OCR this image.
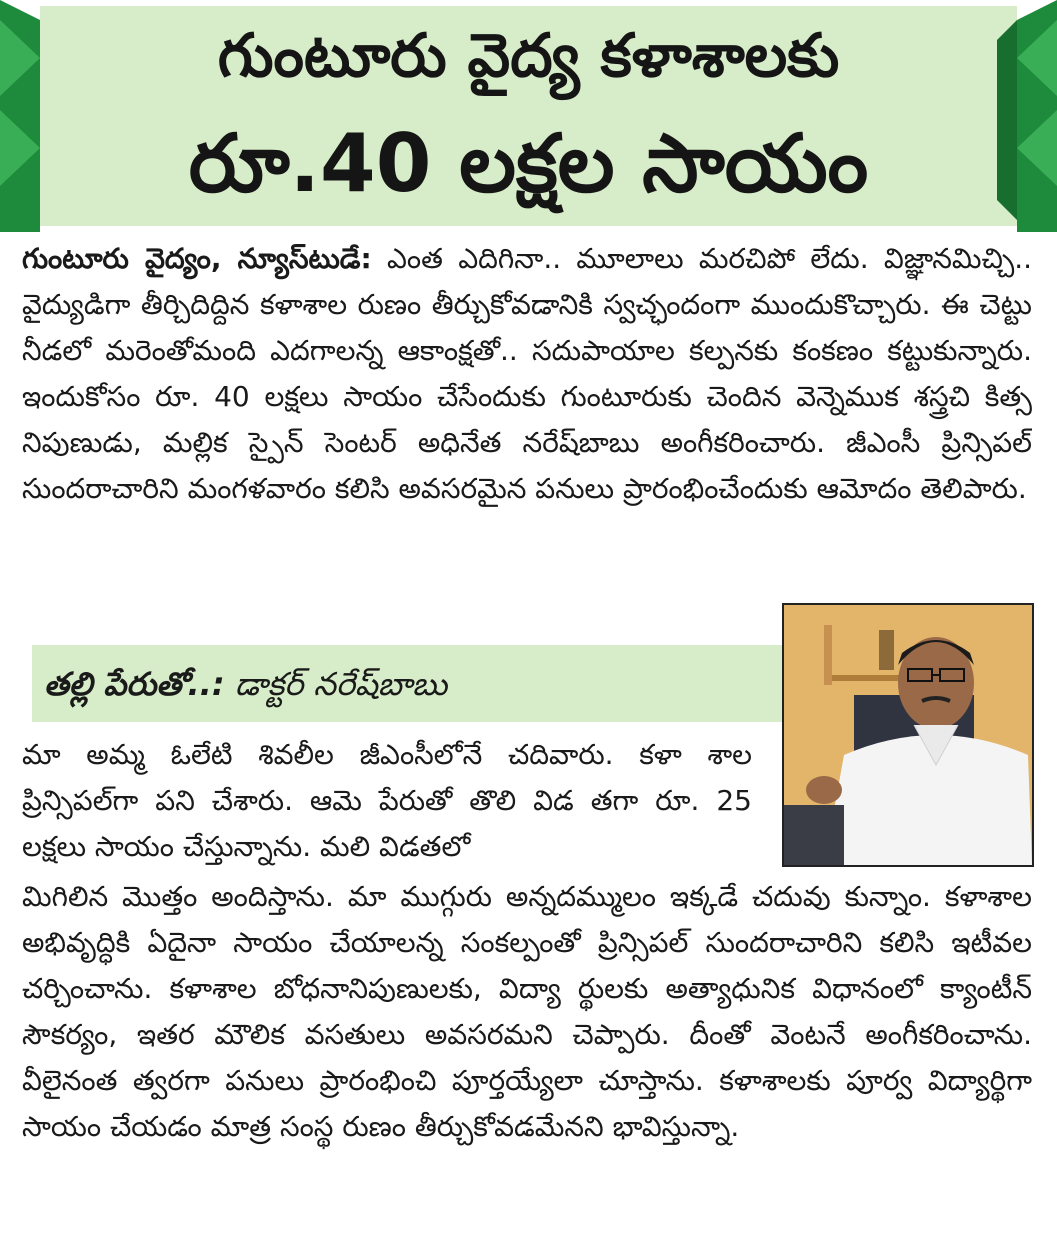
గుంటూరు వైద్య కళాశాలకు
రూ.40 లక్షల సాయం

గుంటూరు వైద్యం, న్యూస్‌టుడే: ఎంత ఎదిగినా.. మూలాలు మరచిపో లేదు. విజ్ఞానమిచ్చి.. వైద్యుడిగా తీర్చిదిద్దిన కళాశాల రుణం తీర్చుకోవడానికి స్వచ్ఛందంగా ముందుకొచ్చారు. ఈ చెట్టు నీడలో మరెంతోమంది ఎదగాలన్న ఆకాంక్షతో.. సదుపాయాల కల్పనకు కంకణం కట్టుకున్నారు. ఇందుకోసం రూ. 40 లక్షలు సాయం చేసేందుకు గుంటూరుకు చెందిన వెన్నెముక శస్త్రచి కిత్స నిపుణుడు, మల్లిక స్పైన్ సెంటర్ అధినేత నరేష్‌బాబు అంగీకరించారు. జీఎంసీ ప్రిన్సిపల్ సుందరాచారిని మంగళవారం కలిసి అవసరమైన పనులు ప్రారంభించేందుకు ఆమోదం తెలిపారు.

తల్లి పేరుతో..: డాక్టర్ నరేష్‌బాబు

మా అమ్మ ఓలేటి శివలీల జీఎంసీలోనే చదివారు. కళా శాల ప్రిన్సిపల్‌గా పని చేశారు. ఆమె పేరుతో తొలి విడ తగా రూ. 25 లక్షలు సాయం చేస్తున్నాను. మలి విడతలో

మిగిలిన మొత్తం అందిస్తాను. మా ముగ్గురు అన్నదమ్ములం ఇక్కడే చదువు కున్నాం. కళాశాల అభివృద్ధికి ఏదైనా సాయం చేయాలన్న సంకల్పంతో ప్రిన్సిపల్ సుందరాచారిని కలిసి ఇటీవల చర్చించాను. కళాశాల బోధనానిపుణులకు, విద్యా ర్థులకు అత్యాధునిక విధానంలో క్యాంటీన్ సౌకర్యం, ఇతర మౌలిక వసతులు అవసరమని చెప్పారు. దీంతో వెంటనే అంగీకరించాను. వీలైనంత త్వరగా పనులు ప్రారంభించి పూర్తయ్యేలా చూస్తాను. కళాశాలకు పూర్వ విద్యార్థిగా సాయం చేయడం మాత్ర సంస్థ రుణం తీర్చుకోవడమేనని భావిస్తున్నా.
